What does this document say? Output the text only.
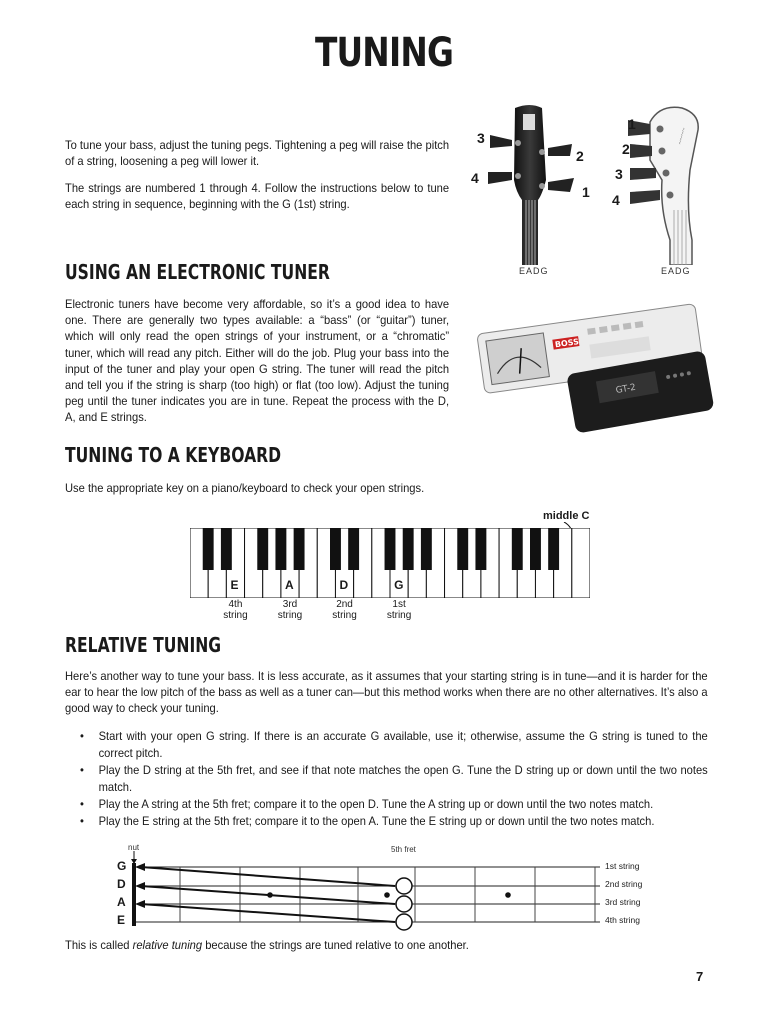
TUNING

To tune your bass, adjust the tuning pegs. Tightening a peg will raise the pitch of a string, loosening a peg will lower it.

The strings are numbered 1 through 4. Follow the instructions below to tune each string in sequence, beginning with the G (1st) string.

3
2
4
1
EADG
~~~~
1
2
3
4
EADG
USING AN ELECTRONIC TUNER

Electronic tuners have become very affordable, so it’s a good idea to have one. There are generally two types available: a “bass” (or “guitar”) tuner, which will only read the open strings of your instrument, or a “chromatic” tuner, which will read any pitch. Either will do the job. Plug your bass into the input of the tuner and play your open G string. The tuner will read the pitch and tell you if the string is sharp (too high) or flat (too low). Adjust the tuning peg until the tuner indicates you are in tune. Repeat the process with the D, A, and E strings.

BOSS
GT-2
TUNING TO A KEYBOARD

Use the appropriate key on a piano/keyboard to check your open strings.

middle C
E	A	D	G
4th
string
3rd
string
2nd
string
1st
string
RELATIVE TUNING

Here’s another way to tune your bass. It is less accurate, as it assumes that your starting string is in tune—and it is harder for the ear to hear the low pitch of the bass as well as a tuner can—but this method works when there are no other alternatives. It’s also a good way to check your tuning.

• Start with your open G string. If there is an accurate G available, use it; otherwise, assume the G string is tuned to the correct pitch.
• Play the D string at the 5th fret, and see if that note matches the open G. Tune the D string up or down until the two notes match.
• Play the A string at the 5th fret; compare it to the open D. Tune the A string up or down until the two notes match.
• Play the E string at the 5th fret; compare it to the open A. Tune the E string up or down until the two notes match.
nut	5th fret
G
D
A
E
1st string
2nd string
3rd string
4th string

This is called relative tuning because the strings are tuned relative to one another.

7
